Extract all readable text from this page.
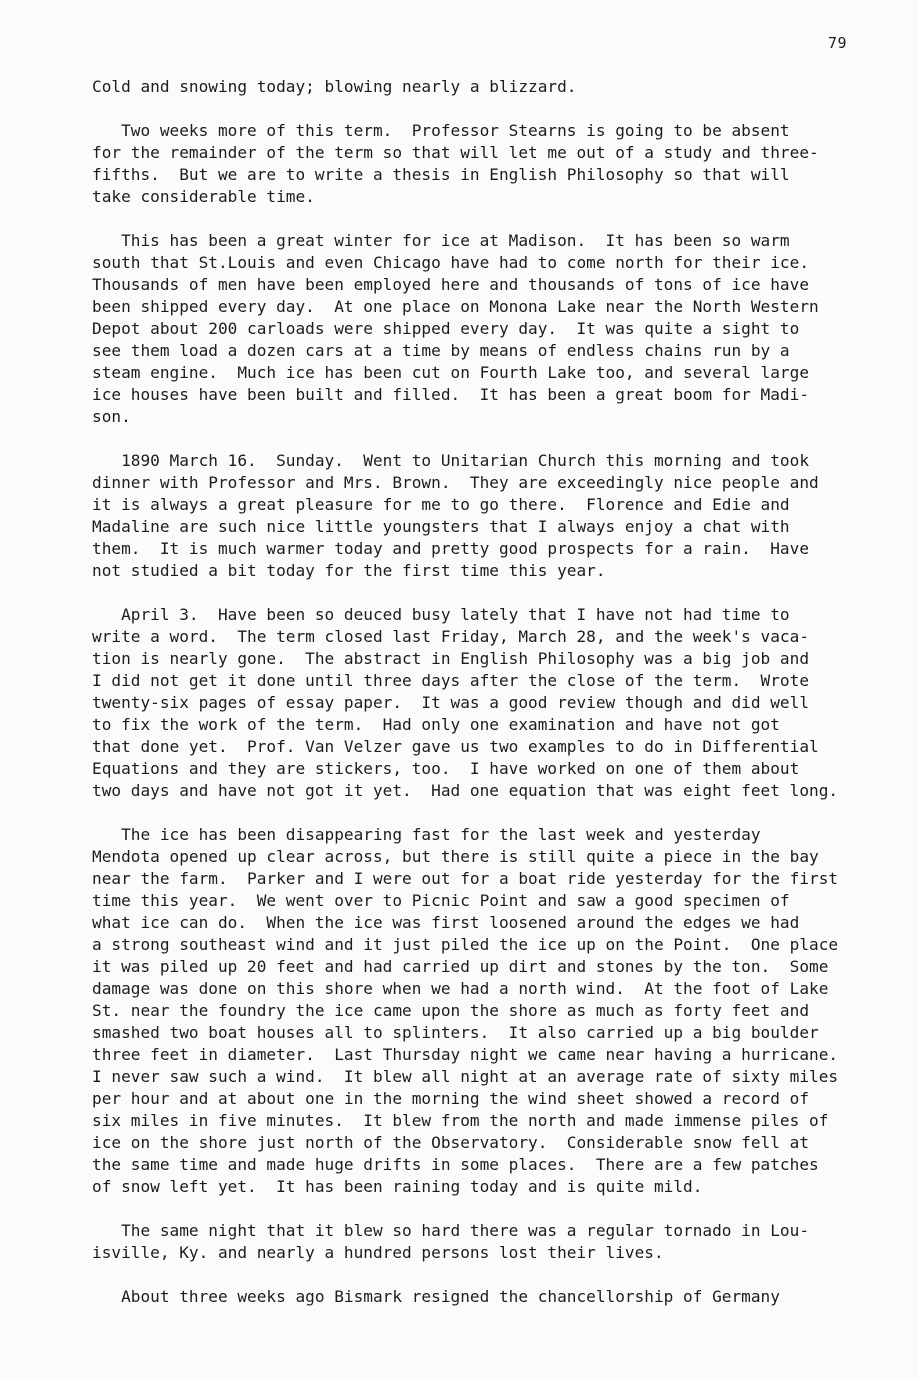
79
Cold and snowing today; blowing nearly a blizzard.
Two weeks more of this term.  Professor Stearns is going to be absent
for the remainder of the term so that will let me out of a study and three-
fifths.  But we are to write a thesis in English Philosophy so that will
take considerable time.
This has been a great winter for ice at Madison.  It has been so warm
south that St.Louis and even Chicago have had to come north for their ice.
Thousands of men have been employed here and thousands of tons of ice have
been shipped every day.  At one place on Monona Lake near the North Western
Depot about 200 carloads were shipped every day.  It was quite a sight to
see them load a dozen cars at a time by means of endless chains run by a
steam engine.  Much ice has been cut on Fourth Lake too, and several large
ice houses have been built and filled.  It has been a great boom for Madi-
son.
1890 March 16.  Sunday.  Went to Unitarian Church this morning and took
dinner with Professor and Mrs. Brown.  They are exceedingly nice people and
it is always a great pleasure for me to go there.  Florence and Edie and
Madaline are such nice little youngsters that I always enjoy a chat with
them.  It is much warmer today and pretty good prospects for a rain.  Have
not studied a bit today for the first time this year.
April 3.  Have been so deuced busy lately that I have not had time to
write a word.  The term closed last Friday, March 28, and the week's vaca-
tion is nearly gone.  The abstract in English Philosophy was a big job and
I did not get it done until three days after the close of the term.  Wrote
twenty-six pages of essay paper.  It was a good review though and did well
to fix the work of the term.  Had only one examination and have not got
that done yet.  Prof. Van Velzer gave us two examples to do in Differential
Equations and they are stickers, too.  I have worked on one of them about
two days and have not got it yet.  Had one equation that was eight feet long.
The ice has been disappearing fast for the last week and yesterday
Mendota opened up clear across, but there is still quite a piece in the bay
near the farm.  Parker and I were out for a boat ride yesterday for the first
time this year.  We went over to Picnic Point and saw a good specimen of
what ice can do.  When the ice was first loosened around the edges we had
a strong southeast wind and it just piled the ice up on the Point.  One place
it was piled up 20 feet and had carried up dirt and stones by the ton.  Some
damage was done on this shore when we had a north wind.  At the foot of Lake
St. near the foundry the ice came upon the shore as much as forty feet and
smashed two boat houses all to splinters.  It also carried up a big boulder
three feet in diameter.  Last Thursday night we came near having a hurricane.
I never saw such a wind.  It blew all night at an average rate of sixty miles
per hour and at about one in the morning the wind sheet showed a record of
six miles in five minutes.  It blew from the north and made immense piles of
ice on the shore just north of the Observatory.  Considerable snow fell at
the same time and made huge drifts in some places.  There are a few patches
of snow left yet.  It has been raining today and is quite mild.
The same night that it blew so hard there was a regular tornado in Lou-
isville, Ky. and nearly a hundred persons lost their lives.
About three weeks ago Bismark resigned the chancellorship of Germany
